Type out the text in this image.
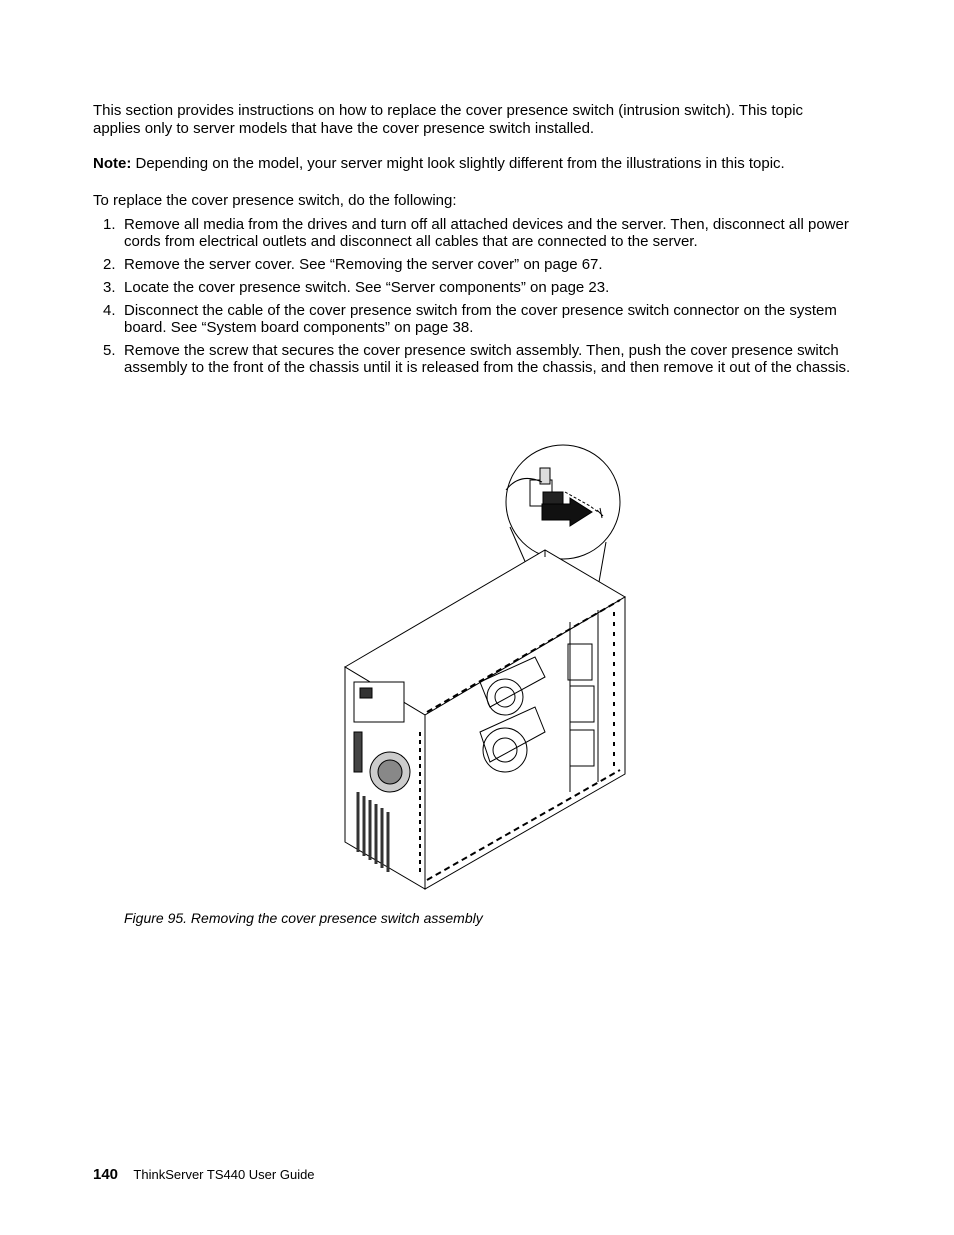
This section provides instructions on how to replace the cover presence switch (intrusion switch). This topic applies only to server models that have the cover presence switch installed.

Note: Depending on the model, your server might look slightly different from the illustrations in this topic.

To replace the cover presence switch, do the following:

1. Remove all media from the drives and turn off all attached devices and the server. Then, disconnect all power cords from electrical outlets and disconnect all cables that are connected to the server.
2. Remove the server cover. See “Removing the server cover” on page 67.
3. Locate the cover presence switch. See “Server components” on page 23.
4. Disconnect the cable of the cover presence switch from the cover presence switch connector on the system board. See “System board components” on page 38.
5. Remove the screw that secures the cover presence switch assembly. Then, push the cover presence switch assembly to the front of the chassis until it is released from the chassis, and then remove it out of the chassis.

Figure 95. Removing the cover presence switch assembly

140 ThinkServer TS440 User Guide
